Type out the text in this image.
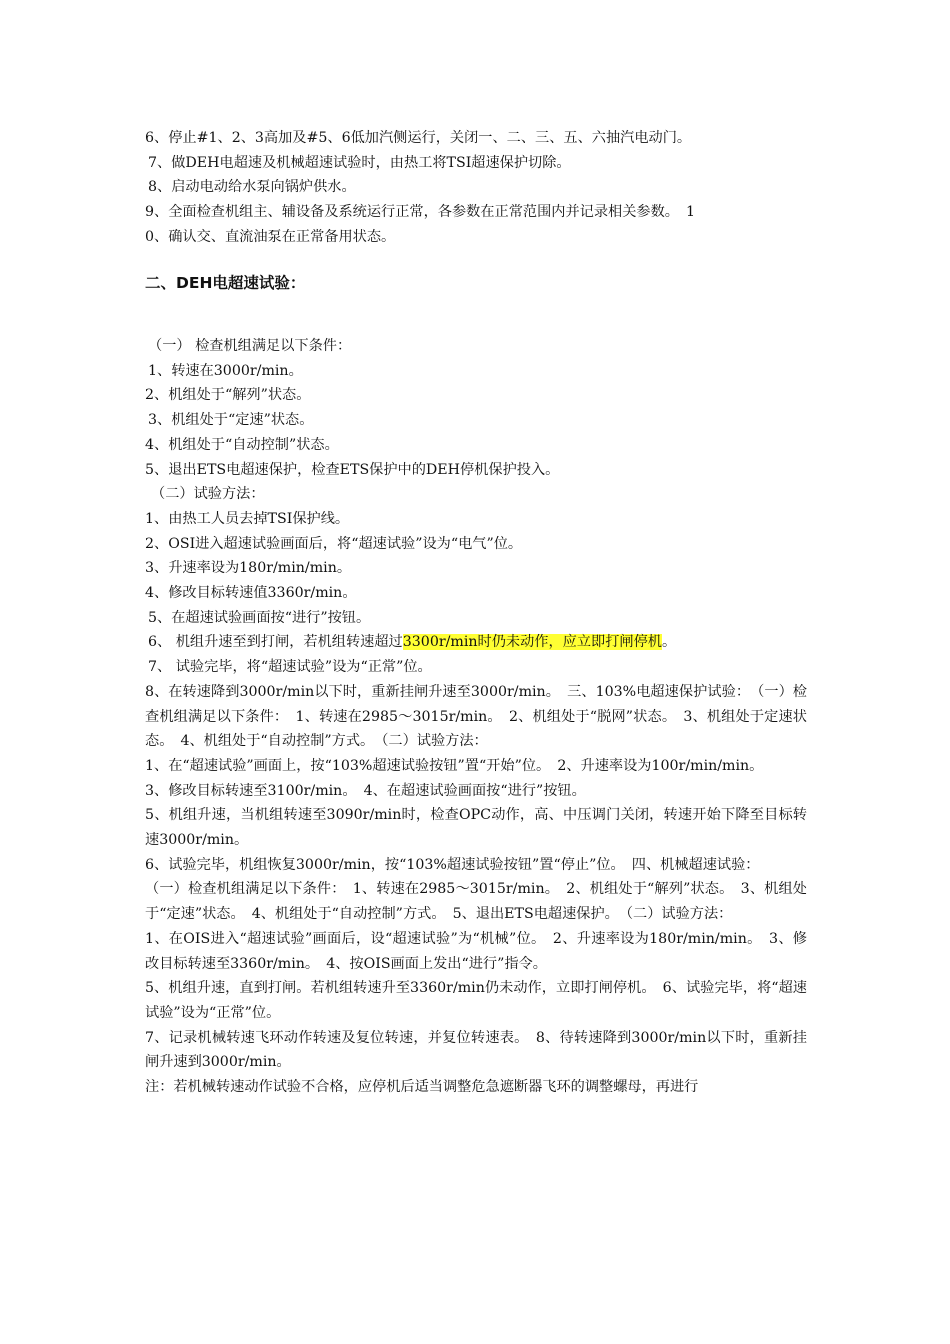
6、停止#1、2、3高加及#5、6低加汽侧运行，关闭一、二、三、五、六抽汽电动门。

7、做DEH电超速及机械超速试验时，由热工将TSI超速保护切除。

8、启动电动给水泵向锅炉供水。

9、全面检查机组主、辅设备及系统运行正常，各参数在正常范围内并记录相关参数。　1

0、确认交、直流油泵在正常备用状态。

二、DEH电超速试验：

（一） 检查机组满足以下条件：

1、转速在3000r/min。

2、机组处于“解列”状态。

3、机组处于“定速”状态。

4、机组处于“自动控制”状态。

5、退出ETS电超速保护，检查ETS保护中的DEH停机保护投入。

（二）试验方法：

1、由热工人员去掉TSI保护线。

2、OSI进入超速试验画面后，将“超速试验”设为“电气”位。

3、升速率设为180r/min/min。

4、修改目标转速值3360r/min。

5、在超速试验画面按“进行”按钮。

6、 机组升速至到打闸，若机组转速超过3300r/min时仍未动作，应立即打闸停机。

7、 试验完毕，将“超速试验”设为“正常”位。

8、在转速降到3000r/min以下时，重新挂闸升速至3000r/min。　三、103%电超速保护试验：　（一）检查机组满足以下条件：　1、转速在2985～3015r/min。　2、机组处于“脱网”状态。　3、机组处于定速状态。　4、机组处于“自动控制”方式。　（二）试验方法：

1、在“超速试验”画面上，按“103%超速试验按钮”置“开始”位。　2、升速率设为100r/min/min。

3、修改目标转速至3100r/min。　4、在超速试验画面按“进行”按钮。

5、机组升速，当机组转速至3090r/min时，检查OPC动作，高、中压调门关闭，转速开始下降至目标转速3000r/min。

6、试验完毕，机组恢复3000r/min，按“103%超速试验按钮”置“停止”位。　四、机械超速试验：

（一）检查机组满足以下条件：　1、转速在2985～3015r/min。　2、机组处于“解列”状态。　3、机组处于“定速”状态。　4、机组处于“自动控制”方式。　5、退出ETS电超速保护。　（二）试验方法：

1、在OIS进入“超速试验”画面后，设“超速试验”为“机械”位。　2、升速率设为180r/min/min。　3、修改目标转速至3360r/min。　4、按OIS画面上发出“进行”指令。

5、机组升速，直到打闸。若机组转速升至3360r/min仍未动作，立即打闸停机。　6、试验完毕，将“超速试验”设为“正常”位。

7、记录机械转速飞环动作转速及复位转速，并复位转速表。　8、待转速降到3000r/min以下时，重新挂闸升速到3000r/min。

注：若机械转速动作试验不合格，应停机后适当调整危急遮断器飞环的调整螺母，再进行
